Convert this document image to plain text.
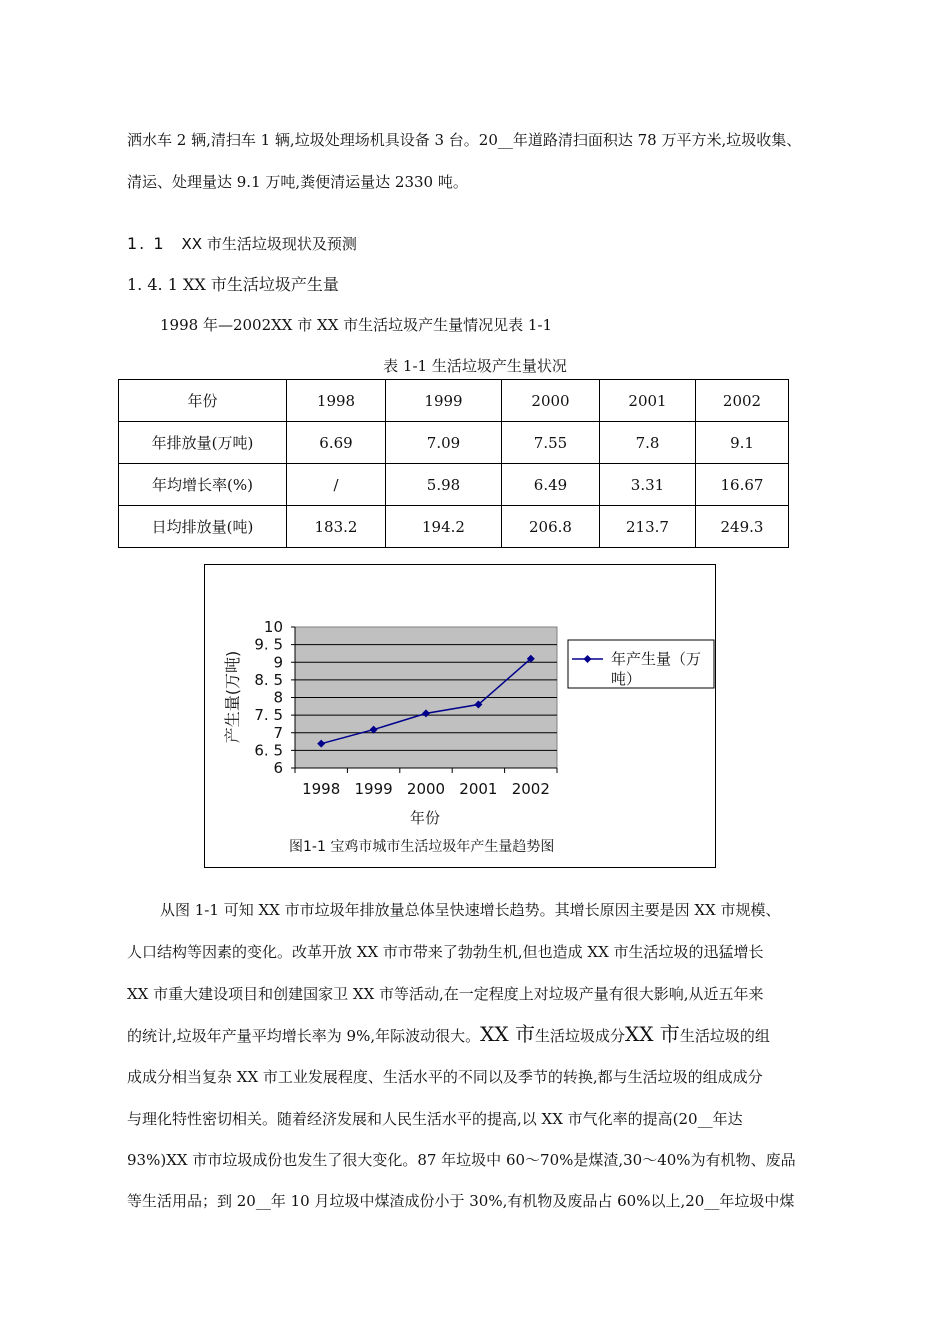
洒水车 2 辆,清扫车 1 辆,垃圾处理场机具设备 3 台。20__年道路清扫面积达 78 万平方米,垃圾收集、
清运、处理量达 9.1 万吨,粪便清运量达 2330 吨。
1. 1 XX 市生活垃圾现状及预测
1. 4. 1 XX 市生活垃圾产生量
1998 年—2002XX 市 XX 市生活垃圾产生量情况见表 1-1
表 1-1 生活垃圾产生量状况
年份	1998	1999	2000	2001	2002
年排放量(万吨)	6.69	7.09	7.55	7.8	9.1
年均增长率(%)	/	5.98	6.49	3.31	16.67
日均排放量(吨)	183.2	194.2	206.8	213.7	249.3
10
9. 5
9
8. 5
8
7. 5
7
6. 5
6
1998 1999 2000 2001 2002
产生量(万吨)
年份
年产生量（万
吨）
图1-1 宝鸡市城市生活垃圾年产生量趋势图
从图 1-1 可知 XX 市市垃圾年排放量总体呈快速增长趋势。其增长原因主要是因 XX 市规模、
人口结构等因素的变化。改革开放 XX 市市带来了勃勃生机,但也造成 XX 市生活垃圾的迅猛增长
XX 市重大建设项目和创建国家卫 XX 市等活动,在一定程度上对垃圾产量有很大影响,从近五年来
的统计,垃圾年产量平均增长率为 9%,年际波动很大。XX 市生活垃圾成分XX 市生活垃圾的组
成成分相当复杂 XX 市工业发展程度、生活水平的不同以及季节的转换,都与生活垃圾的组成成分
与理化特性密切相关。随着经济发展和人民生活水平的提高,以 XX 市气化率的提高(20__年达
93%)XX 市市垃圾成份也发生了很大变化。87 年垃圾中 60～70%是煤渣,30～40%为有机物、废品
等生活用品；到 20__年 10 月垃圾中煤渣成份小于 30%,有机物及废品占 60%以上,20__年垃圾中煤
